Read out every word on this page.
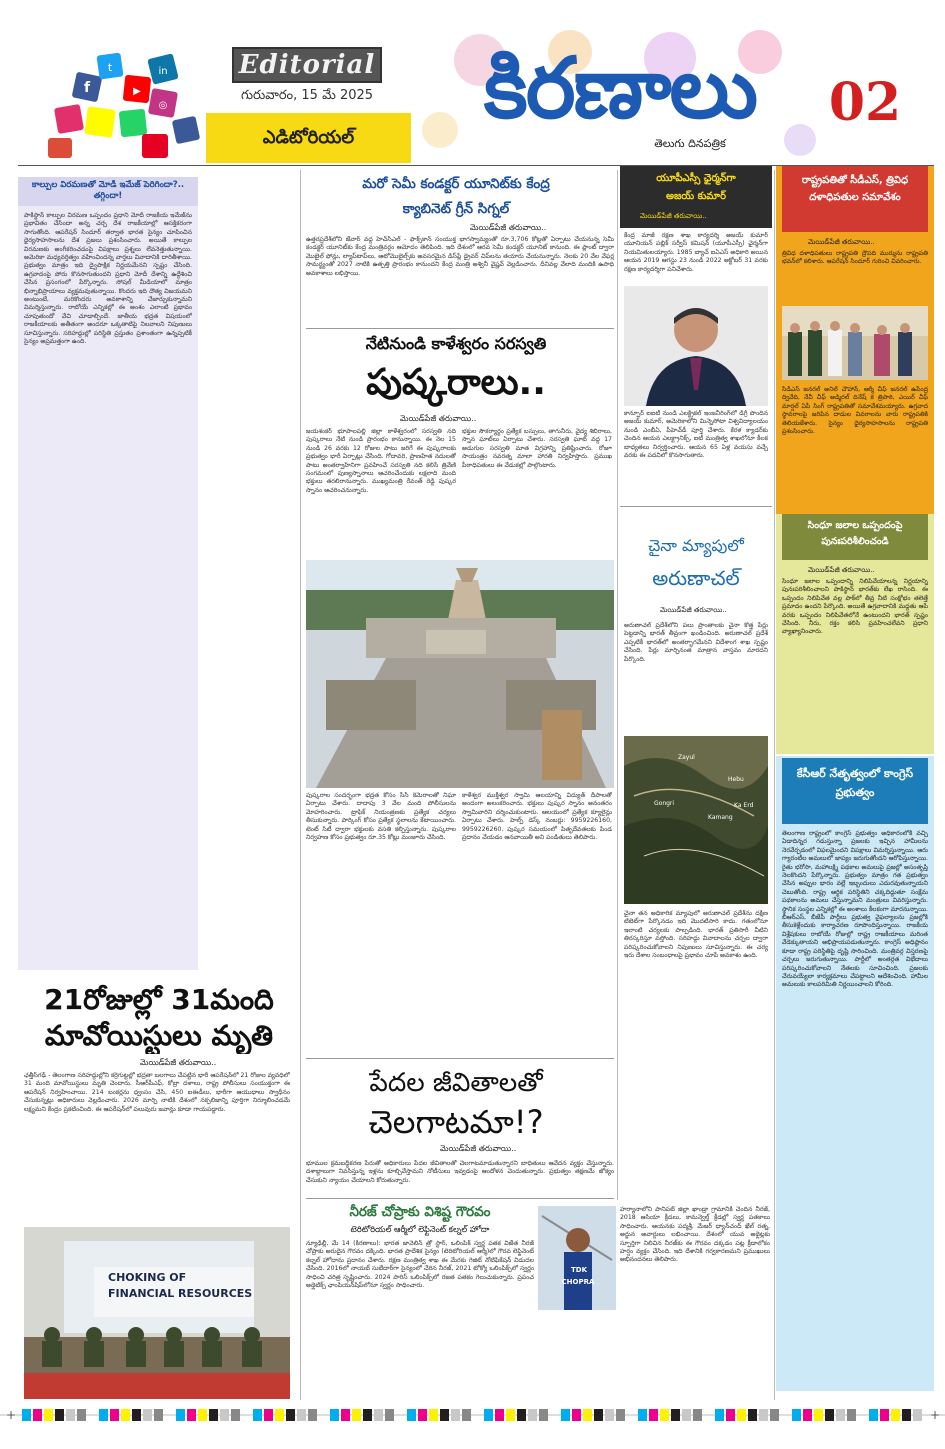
f
t
▶
in
◎
Editorial
గురువారం, 15 మే 2025
ఎడిటోరియల్
కిరణాలు
తెలుగు దినపత్రిక
02
కాల్పుల విరమణతో మోడీ ఇమేజ్ పెరిగిందా?.. తగ్గిందా!
పాకిస్థాన్ కాల్పుల విరమణ ఒప్పందం ప్రధాని మోదీ రాజకీయ ఇమేజ్‌ను ప్రభావితం చేసిందా అన్న చర్చ దేశ రాజకీయాల్లో ఆసక్తికరంగా సాగుతోంది. ఆపరేషన్ సిందూర్ తర్వాత భారత సైన్యం చూపించిన ధైర్యసాహసాలను దేశ ప్రజలు ప్రశంసించారు. అయితే కాల్పుల విరమణకు అంగీకరించడంపై విపక్షాలు ప్రశ్నలు లేవనెత్తుతున్నాయి. అమెరికా మధ్యవర్తిత్వం వహించిందన్న వార్తలు వివాదానికి దారితీశాయి. ప్రభుత్వం మాత్రం ఇది ద్వైపాక్షిక నిర్ణయమేనని స్పష్టం చేసింది. ఉగ్రవాదంపై పోరు కొనసాగుతుందని ప్రధాని మోదీ దేశాన్ని ఉద్దేశించి చేసిన ప్రసంగంలో పేర్కొన్నారు. సోషల్ మీడియాలో మాత్రం భిన్నాభిప్రాయాలు వ్యక్తమవుతున్నాయి. కొందరు ఇది దౌత్య విజయమని అంటుంటే, మరికొందరు అవకాశాన్ని చేజార్చుకున్నామని విమర్శిస్తున్నారు. రాబోయే ఎన్నికల్లో ఈ అంశం ఎలాంటి ప్రభావం చూపుతుందో వేచి చూడాల్సిందే. జాతీయ భద్రత విషయంలో రాజకీయాలకు అతీతంగా అందరూ ఒక్కతాటిపై నిలవాలని నిపుణులు సూచిస్తున్నారు. సరిహద్దుల్లో పరిస్థితి ప్రస్తుతం ప్రశాంతంగా ఉన్నప్పటికీ సైన్యం అప్రమత్తంగా ఉంది.
21రోజుల్లో 31మంది మావోయిస్టులు మృతి
మెయిడ్‌పేజీ తరువాయి..
ఛత్తీస్‌గఢ్ - తెలంగాణ సరిహద్దుల్లోని కర్రెగుట్టల్లో భద్రతా బలగాలు చేపట్టిన భారీ ఆపరేషన్‌లో 21 రోజుల వ్యవధిలో 31 మంది మావోయిస్టులు మృతి చెందారు. సీఆర్‌పీఎఫ్, కోబ్రా దళాలు, రాష్ట్ర పోలీసులు సంయుక్తంగా ఈ ఆపరేషన్ నిర్వహించాయి. 214 బంకర్లను ధ్వంసం చేసి, 450 ఐఈడీలు, భారీగా ఆయుధాలు స్వాధీనం చేసుకున్నట్లు అధికారులు వెల్లడించారు. 2026 మార్చి నాటికి దేశంలో నక్సలిజాన్ని పూర్తిగా నిర్మూలించడమే లక్ష్యమని కేంద్రం ప్రకటించింది. ఈ ఆపరేషన్‌లో పలువురు జవాన్లు కూడా గాయపడ్డారు.
CHOKING OF
FINANCIAL RESOURCES
మరో సెమీ కండక్టర్ యూనిట్‌కు కేంద్ర
క్యాబినెట్ గ్రీన్ సిగ్నల్
మెయిడ్‌పేజీ తరువాయి..
ఉత్తరప్రదేశ్‌లోని జేవార్ వద్ద హెచ్‌సీఎల్ - ఫాక్స్‌కాన్ సంయుక్త భాగస్వామ్యంతో రూ.3,706 కోట్లతో ఏర్పాటు చేయనున్న సెమీ కండక్టర్ యూనిట్‌కు కేంద్ర మంత్రివర్గం ఆమోదం తెలిపింది. ఇది దేశంలో ఆరవ సెమీ కండక్టర్ యూనిట్ కానుంది. ఈ ప్లాంట్ ద్వారా మొబైల్ ఫోన్లు, ల్యాప్‌టాప్‌లు, ఆటోమొబైల్స్‌కు అవసరమైన డిస్‌ప్లే డ్రైవర్ చిప్‌లను తయారు చేయనున్నారు. నెలకు 20 వేల వేఫర్ల సామర్థ్యంతో 2027 నాటికి ఉత్పత్తి ప్రారంభం కానుందని కేంద్ర మంత్రి అశ్వినీ వైష్ణవ్ వెల్లడించారు. దీనివల్ల వేలాది మందికి ఉపాధి అవకాశాలు లభిస్తాయి.
నేటినుండి కాళేశ్వరం సరస్వతి
పుష్కరాలు..
మెయిడ్‌పేజీ తరువాయి..
జయశంకర్ భూపాలపల్లి జిల్లా కాళేశ్వరంలో సరస్వతి నది పుష్కరాలు నేటి నుండి ప్రారంభం కానున్నాయి. ఈ నెల 15 నుండి 26 వరకు 12 రోజుల పాటు జరిగే ఈ పుష్కరాలకు ప్రభుత్వం భారీ ఏర్పాట్లు చేసింది. గోదావరి, ప్రాణహిత నదులతో పాటు అంతర్వాహినిగా ప్రవహించే సరస్వతి నది కలిసే త్రివేణి సంగమంలో పుణ్యస్నానాలు ఆచరించేందుకు లక్షలాది మంది భక్తులు తరలిరానున్నారు. ముఖ్యమంత్రి రేవంత్ రెడ్డి పుష్కర స్నానం ఆచరించనున్నారు.
భక్తుల సౌకర్యార్థం ప్రత్యేక బస్సులు, తాగునీరు, వైద్య శిబిరాలు, స్నాన ఘాట్‌లు ఏర్పాటు చేశారు. సరస్వతి ఘాట్ వద్ద 17 అడుగుల సరస్వతి మాత విగ్రహాన్ని ప్రతిష్టించారు. రోజూ సాయంత్రం నవరత్న మాలా హారతి నిర్వహిస్తారు. ప్రముఖ పీఠాధిపతులు ఈ వేడుకల్లో పాల్గొంటారు.
పుష్కరాల సందర్భంగా భద్రత కోసం సీసీ కెమెరాలతో నిఘా ఏర్పాటు చేశారు. దాదాపు 3 వేల మంది పోలీసులను మోహరించారు. ట్రాఫిక్ నియంత్రణకు ప్రత్యేక చర్యలు తీసుకున్నారు. పార్కింగ్ కోసం ప్రత్యేక స్థలాలను కేటాయించారు. టెంట్ సిటీ ద్వారా భక్తులకు వసతి కల్పిస్తున్నారు. పుష్కరాల నిర్వహణ కోసం ప్రభుత్వం రూ.35 కోట్లు మంజూరు చేసింది.
కాళేశ్వర ముక్తీశ్వర స్వామి ఆలయాన్ని విద్యుత్ దీపాలతో అందంగా అలంకరించారు. భక్తులు పుష్కర స్నానం అనంతరం స్వామివారిని దర్శించుకుంటారు. ఆలయంలో ప్రత్యేక క్యూలైన్లు ఏర్పాటు చేశారు. హెల్ప్ డెస్క్ నంబర్లు: 9959226160, 9959226260. పుష్కర సమయంలో పితృదేవతలకు పిండ ప్రదానం చేయడం ఆనవాయితీ అని పండితులు తెలిపారు.
పేదల జీవితాలతో
చెలగాటమా!?
మెయిడ్‌పేజీ తరువాయి..
భూముల క్రమబద్ధీకరణ పేరుతో అధికారులు పేదల జీవితాలతో చెలగాటమాడుతున్నారని బాధితులు ఆవేదన వ్యక్తం చేస్తున్నారు. దశాబ్దాలుగా నివసిస్తున్న ఇళ్లను కూల్చివేస్తామని నోటీసులు ఇవ్వడంపై ఆందోళన చెందుతున్నారు. ప్రభుత్వం తక్షణమే జోక్యం చేసుకుని న్యాయం చేయాలని కోరుతున్నారు.
నీరజ్ చోప్రాకు విశిష్ట గౌరవం
టెరిటోరియల్ ఆర్మీలో లెఫ్టినెంట్ కల్నల్ హోదా
న్యూఢిల్లీ, మే 14 (కిరణాలు): భారత జావెలిన్ త్రో స్టార్, ఒలింపిక్ స్వర్ణ పతక విజేత నీరజ్ చోప్రాకు అరుదైన గౌరవం దక్కింది. భారత ప్రాదేశిక సైన్యం (టెరిటోరియల్ ఆర్మీ)లో గౌరవ లెఫ్టినెంట్ కల్నల్ హోదాను ప్రదానం చేశారు. రక్షణ మంత్రిత్వ శాఖ ఈ మేరకు గెజిట్ నోటిఫికేషన్ విడుదల చేసింది. 2016లో నాయబ్ సుబేదార్‌గా సైన్యంలో చేరిన నీరజ్, 2021 టోక్యో ఒలింపిక్స్‌లో స్వర్ణం సాధించి చరిత్ర సృష్టించారు. 2024 పారిస్ ఒలింపిక్స్‌లో రజత పతకం గెలుచుకున్నారు. ప్రపంచ అథ్లెటిక్స్ ఛాంపియన్‌షిప్‌లోనూ స్వర్ణం సాధించారు.
TDK
CHOPRA
హర్యానాలోని పానిపట్ జిల్లా ఖాండ్రా గ్రామానికి చెందిన నీరజ్, 2018 ఆసియా క్రీడలు, కామన్వెల్త్ క్రీడల్లో స్వర్ణ పతకాలు సాధించారు. ఆయనకు పద్మశ్రీ, మేజర్ ధ్యాన్‌చంద్ ఖేల్ రత్న, అర్జున అవార్డులు లభించాయి. దేశంలో యువ అథ్లెట్లకు స్ఫూర్తిగా నిలిచిన నీరజ్‌కు ఈ గౌరవం దక్కడం పట్ల క్రీడాలోకం హర్షం వ్యక్తం చేసింది. ఇది దేశానికి గర్వకారణమని ప్రముఖులు అభినందనలు తెలిపారు.
యూపీఎస్సీ ఛైర్మన్‌గా
అజయ్ కుమార్
మెయిడ్‌పేజీ తరువాయి..
కేంద్ర మాజీ రక్షణ శాఖ కార్యదర్శి అజయ్ కుమార్ యూనియన్ పబ్లిక్ సర్వీస్ కమిషన్ (యూపీఎస్సీ) ఛైర్మన్‌గా నియమితులయ్యారు. 1985 బ్యాచ్ ఐఏఎస్ అధికారి అయిన ఆయన 2019 ఆగస్టు 23 నుండి 2022 అక్టోబర్ 31 వరకు రక్షణ కార్యదర్శిగా పనిచేశారు.
కాన్పూర్ ఐఐటీ నుండి ఎలక్ట్రికల్ ఇంజనీరింగ్‌లో డిగ్రీ పొందిన అజయ్ కుమార్, అమెరికాలోని మిన్నెసోటా విశ్వవిద్యాలయం నుండి ఎంబీఏ, పీహెచ్‌డీ పూర్తి చేశారు. కేరళ క్యాడర్‌కు చెందిన ఆయన ఎలక్ట్రానిక్స్, ఐటీ మంత్రిత్వ శాఖలోనూ కీలక బాధ్యతలు నిర్వర్తించారు. ఆయన 65 ఏళ్ల వయసు వచ్చే వరకు ఈ పదవిలో కొనసాగుతారు.
చైనా మ్యాపులో
అరుణాచల్
మెయిడ్‌పేజీ తరువాయి..
అరుణాచల్ ప్రదేశ్‌లోని పలు ప్రాంతాలకు చైనా కొత్త పేర్లు పెట్టడాన్ని భారత్ తీవ్రంగా ఖండించింది. అరుణాచల్ ప్రదేశ్ ఎప్పటికీ భారత్‌లో అంతర్భాగమేనని విదేశాంగ శాఖ స్పష్టం చేసింది. పేర్లు మార్చినంత మాత్రాన వాస్తవం మారదని పేర్కొంది.
Zayul
Hebu
Gongri
Kamang
Ka Erd
చైనా తన అధికారిక మ్యాపులో అరుణాచల్ ప్రదేశ్‌ను దక్షిణ టిబెట్‌గా పేర్కొనడం ఇది మొదటిసారి కాదు. గతంలోనూ ఇలాంటి చర్యలకు పాల్పడింది. భారత్ ప్రతిసారీ వీటిని తిరస్కరిస్తూ వస్తోంది. సరిహద్దు వివాదాలను చర్చల ద్వారా పరిష్కరించుకోవాలని నిపుణులు సూచిస్తున్నారు. ఈ చర్య ఇరు దేశాల సంబంధాలపై ప్రభావం చూపే అవకాశం ఉంది.
రాష్ట్రపతితో సీడీఎస్, త్రివిధ దళాధిపతుల సమావేశం
మెయిడ్‌పేజీ తరువాయి..
త్రివిధ దళాధిపతులు రాష్ట్రపతి ద్రౌపది ముర్మును రాష్ట్రపతి భవన్‌లో కలిశారు. ఆపరేషన్ సిందూర్ గురించి వివరించారు.
సీడీఎస్ జనరల్ అనిల్ చౌహాన్, ఆర్మీ చీఫ్ జనరల్ ఉపేంద్ర ద్వివేది, నేవీ చీఫ్ అడ్మిరల్ దినేష్ కె త్రిపాఠి, ఎయిర్ చీఫ్ మార్షల్ ఏపీ సింగ్ రాష్ట్రపతితో సమావేశమయ్యారు. ఉగ్రవాద స్థావరాలపై జరిపిన దాడుల వివరాలను వారు రాష్ట్రపతికి తెలియజేశారు. సైన్యం ధైర్యసాహసాలను రాష్ట్రపతి ప్రశంసించారు.
సింధూ జలాల ఒప్పందంపై పునఃపరిశీలించండి
మెయిడ్‌పేజీ తరువాయి..
సింధూ జలాల ఒప్పందాన్ని నిలిపివేయాలన్న నిర్ణయాన్ని పునఃపరిశీలించాలని పాకిస్థాన్ భారత్‌కు లేఖ రాసింది. ఈ ఒప్పందం నిలిపివేత వల్ల పాక్‌లో తీవ్ర నీటి సంక్షోభం తలెత్తే ప్రమాదం ఉందని పేర్కొంది. అయితే ఉగ్రవాదానికి మద్దతు ఆపే వరకు ఒప్పందం నిలిపివేతలోనే ఉంటుందని భారత్ స్పష్టం చేసింది. నీరు, రక్తం కలిసి ప్రవహించలేవని ప్రధాని వ్యాఖ్యానించారు.
కేసీఆర్ నేతృత్వంలో కాంగ్రెస్ ప్రభుత్వం
తెలంగాణ రాష్ట్రంలో కాంగ్రెస్ ప్రభుత్వం అధికారంలోకి వచ్చి ఏడాదిన్నర గడుస్తున్నా ప్రజలకు ఇచ్చిన హామీలను నెరవేర్చడంలో విఫలమైందని విపక్షాలు విమర్శిస్తున్నాయి. ఆరు గ్యారంటీల అమలులో జాప్యం జరుగుతోందని ఆరోపిస్తున్నాయి. రైతు భరోసా, మహాలక్ష్మి పథకాల అమలుపై ప్రజల్లో అసంతృప్తి నెలకొందని పేర్కొన్నారు. ప్రభుత్వం మాత్రం గత ప్రభుత్వం చేసిన అప్పుల భారం వల్లే ఇబ్బందులు ఎదురవుతున్నాయని చెబుతోంది. రాష్ట్ర ఆర్థిక పరిస్థితిని చక్కదిద్దుతూ సంక్షేమ పథకాలను అమలు చేస్తున్నామని మంత్రులు వివరిస్తున్నారు. స్థానిక సంస్థల ఎన్నికల్లో ఈ అంశాలు కీలకంగా మారనున్నాయి. బీఆర్ఎస్, బీజేపీ పార్టీలు ప్రభుత్వ వైఫల్యాలను ప్రజల్లోకి తీసుకెళ్లేందుకు కార్యాచరణ రూపొందిస్తున్నాయి. రాజకీయ విశ్లేషకులు రాబోయే రోజుల్లో రాష్ట్ర రాజకీయాలు మరింత వేడెక్కుతాయని అభిప్రాయపడుతున్నారు. కాంగ్రెస్ అధిష్ఠానం కూడా రాష్ట్ర పరిస్థితిపై దృష్టి సారించింది. మంత్రివర్గ విస్తరణపై చర్చలు జరుగుతున్నాయి. పార్టీలో అంతర్గత విభేదాలు పరిష్కరించుకోవాలని నేతలకు సూచించింది. ప్రజలకు చేరువయ్యేలా కార్యక్రమాలు చేపట్టాలని ఆదేశించింది. హామీల అమలుకు కాలపరిమితి నిర్ణయించాలని కోరింది.
+	+
